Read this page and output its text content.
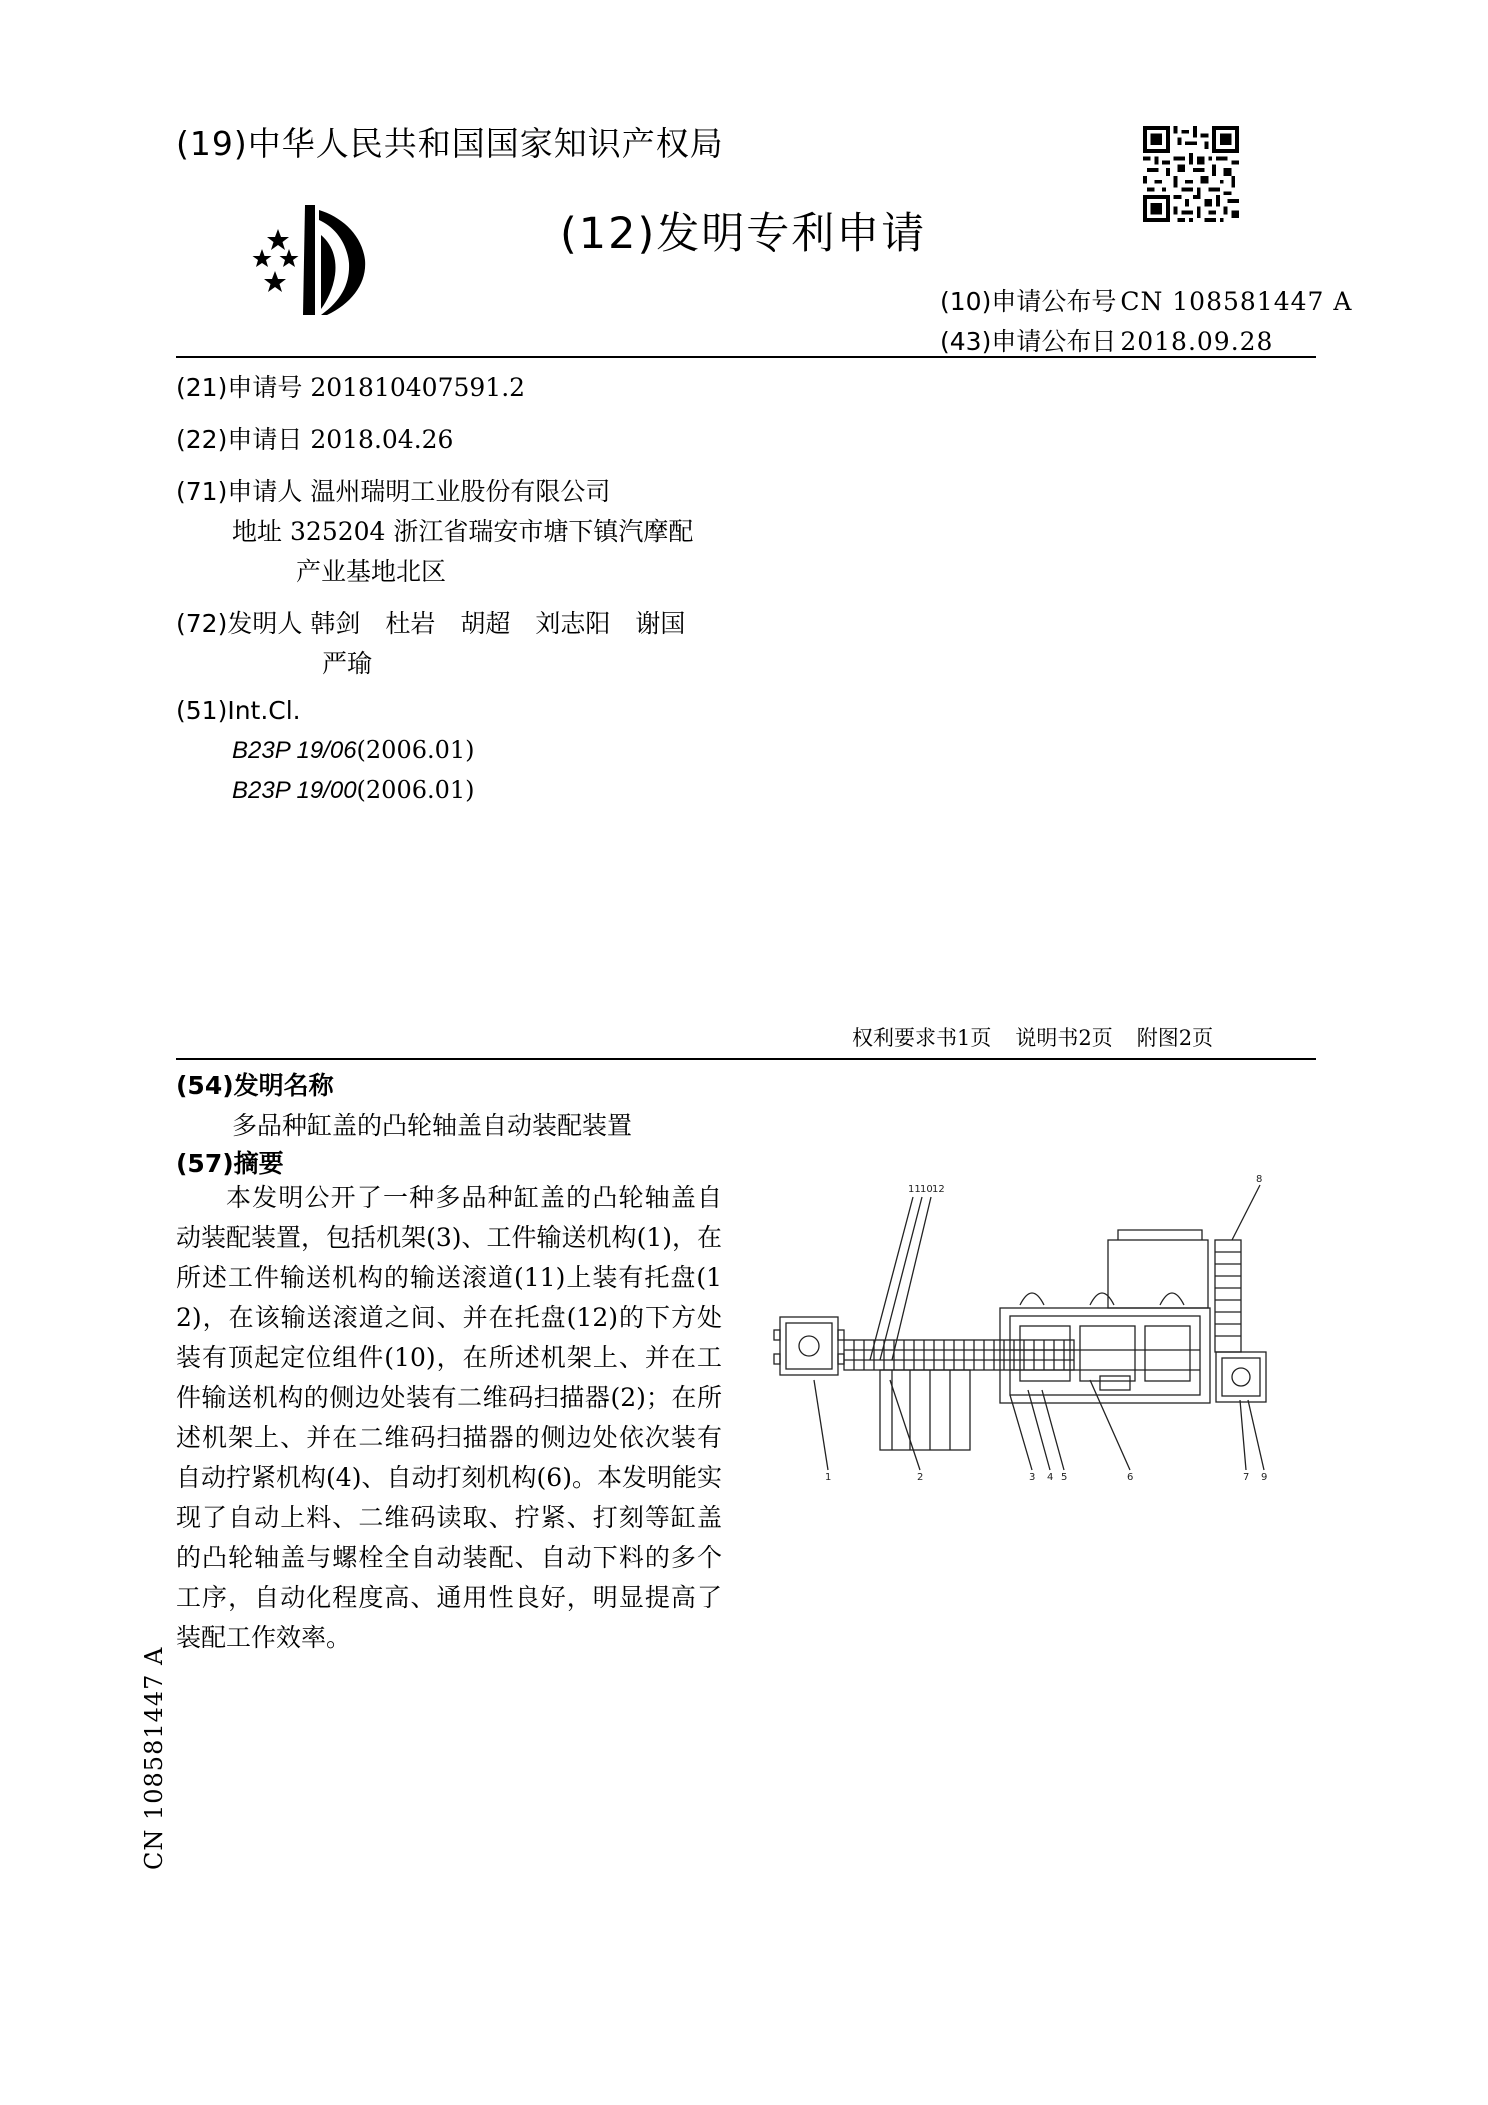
(19)中华人民共和国国家知识产权局
(12)发明专利申请
(10)申请公布号 CN 108581447 A
(43)申请公布日 2018.09.28
(21)申请号 201810407591.2
(22)申请日 2018.04.26
(71)申请人 温州瑞明工业股份有限公司
地址 325204 浙江省瑞安市塘下镇汽摩配
产业基地北区
(72)发明人 韩剑　杜岩　胡超　刘志阳　谢国
严瑜
(51)Int.Cl.
B23P 19/06(2006.01)
B23P 19/00(2006.01)
权利要求书1页 说明书2页 附图2页
(54)发明名称
多品种缸盖的凸轮轴盖自动装配装置
(57)摘要
本发明公开了一种多品种缸盖的凸轮轴盖自动装配装置，包括机架(3)、工件输送机构(1)，在所述工件输送机构的输送滚道(11)上装有托盘(12)，在该输送滚道之间、并在托盘(12)的下方处装有顶起定位组件(10)，在所述机架上、并在工件输送机构的侧边处装有二维码扫描器(2)；在所述机架上、并在二维码扫描器的侧边处依次装有自动拧紧机构(4)、自动打刻机构(6)。本发明能实现了自动上料、二维码读取、拧紧、打刻等缸盖的凸轮轴盖与螺栓全自动装配、自动下料的多个工序，自动化程度高、通用性良好，明显提高了装配工作效率。
11 10 12
8
1	2	3 4 5	6	7 9
CN 108581447 A
